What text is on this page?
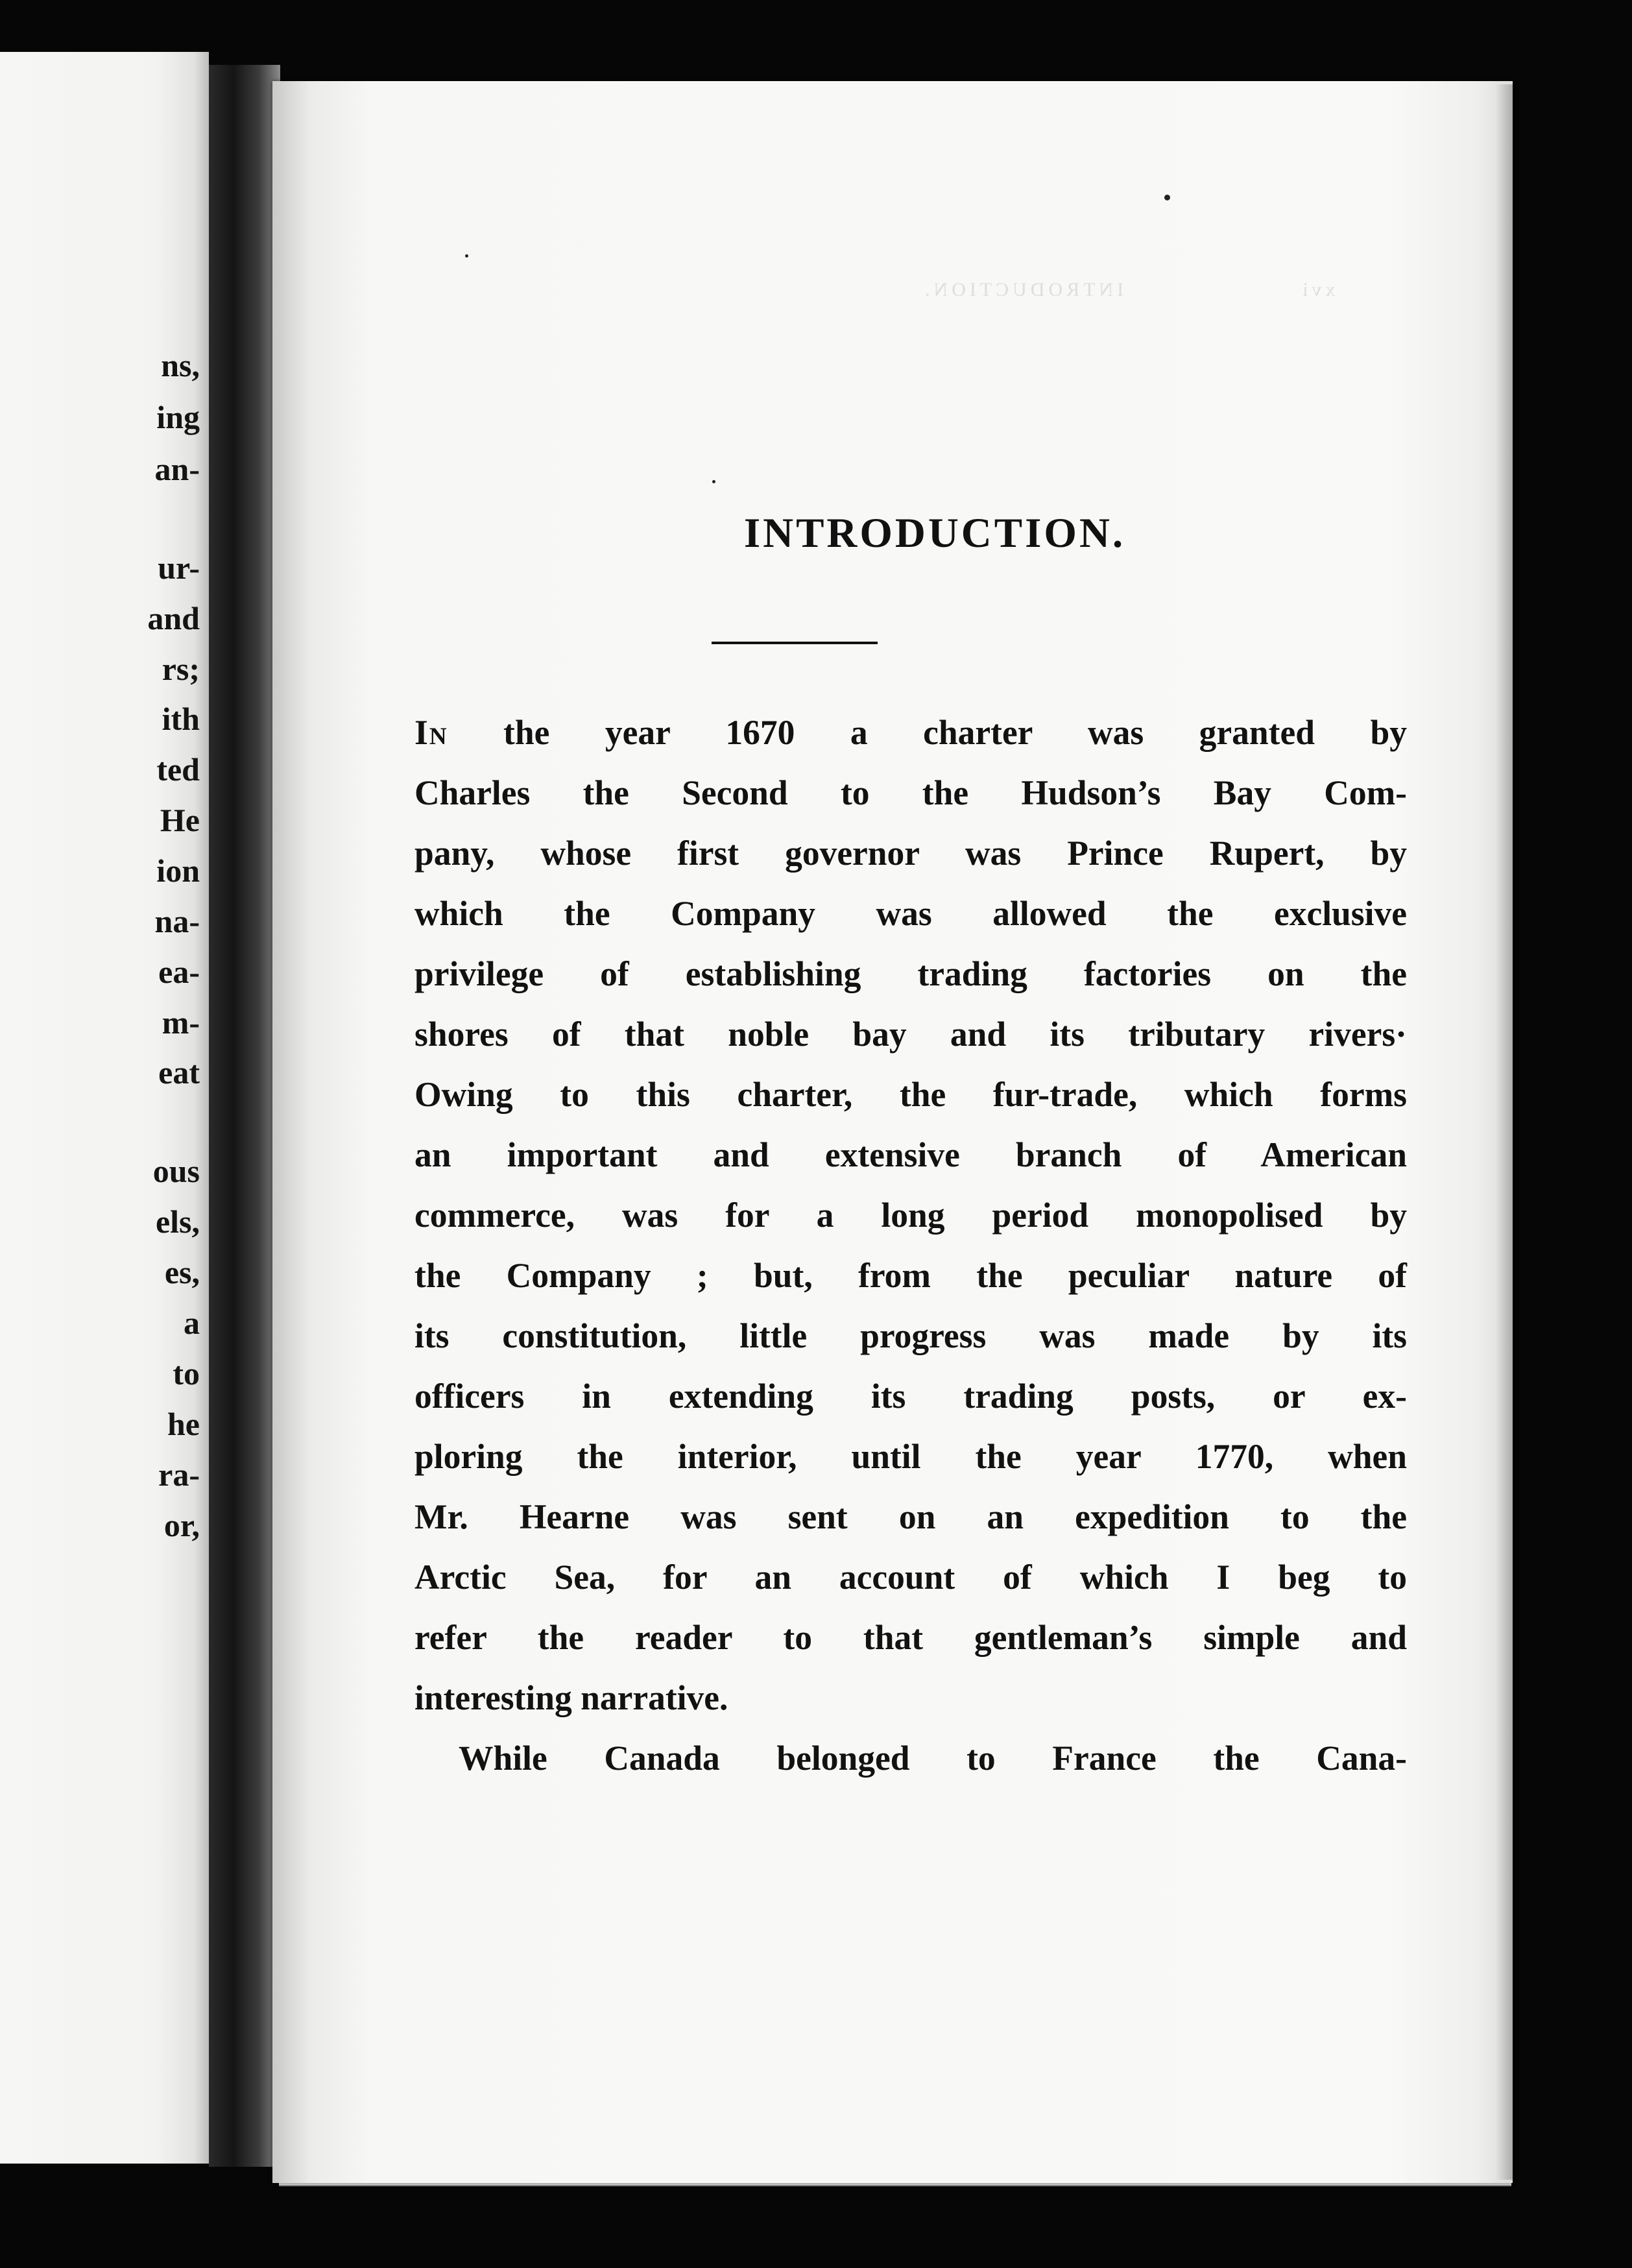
ns,
ing
an-
ur-
and
rs;
ith
ted
He
ion
na-
ea-
m-
eat
ous
els,
es,
a
to
he
ra-
or,
xvi                    INTRODUCTION.
INTRODUCTION.
In the year 1670 a charter was granted by
Charles the Second to the Hudson’s Bay Com-
pany, whose first governor was Prince Rupert, by
which the Company was allowed the exclusive
privilege of establishing trading factories on the
shores of that noble bay and its tributary rivers·
Owing to this charter, the fur-trade, which forms
an important and extensive branch of American
commerce, was for a long period monopolised by
the Company ; but, from the peculiar nature of
its constitution, little progress was made by its
officers in extending its trading posts, or ex-
ploring the interior, until the year 1770, when
Mr. Hearne was sent on an expedition to the
Arctic Sea, for an account of which I beg to
refer the reader to that gentleman’s simple and
interesting narrative.
While Canada belonged to France the Cana-
